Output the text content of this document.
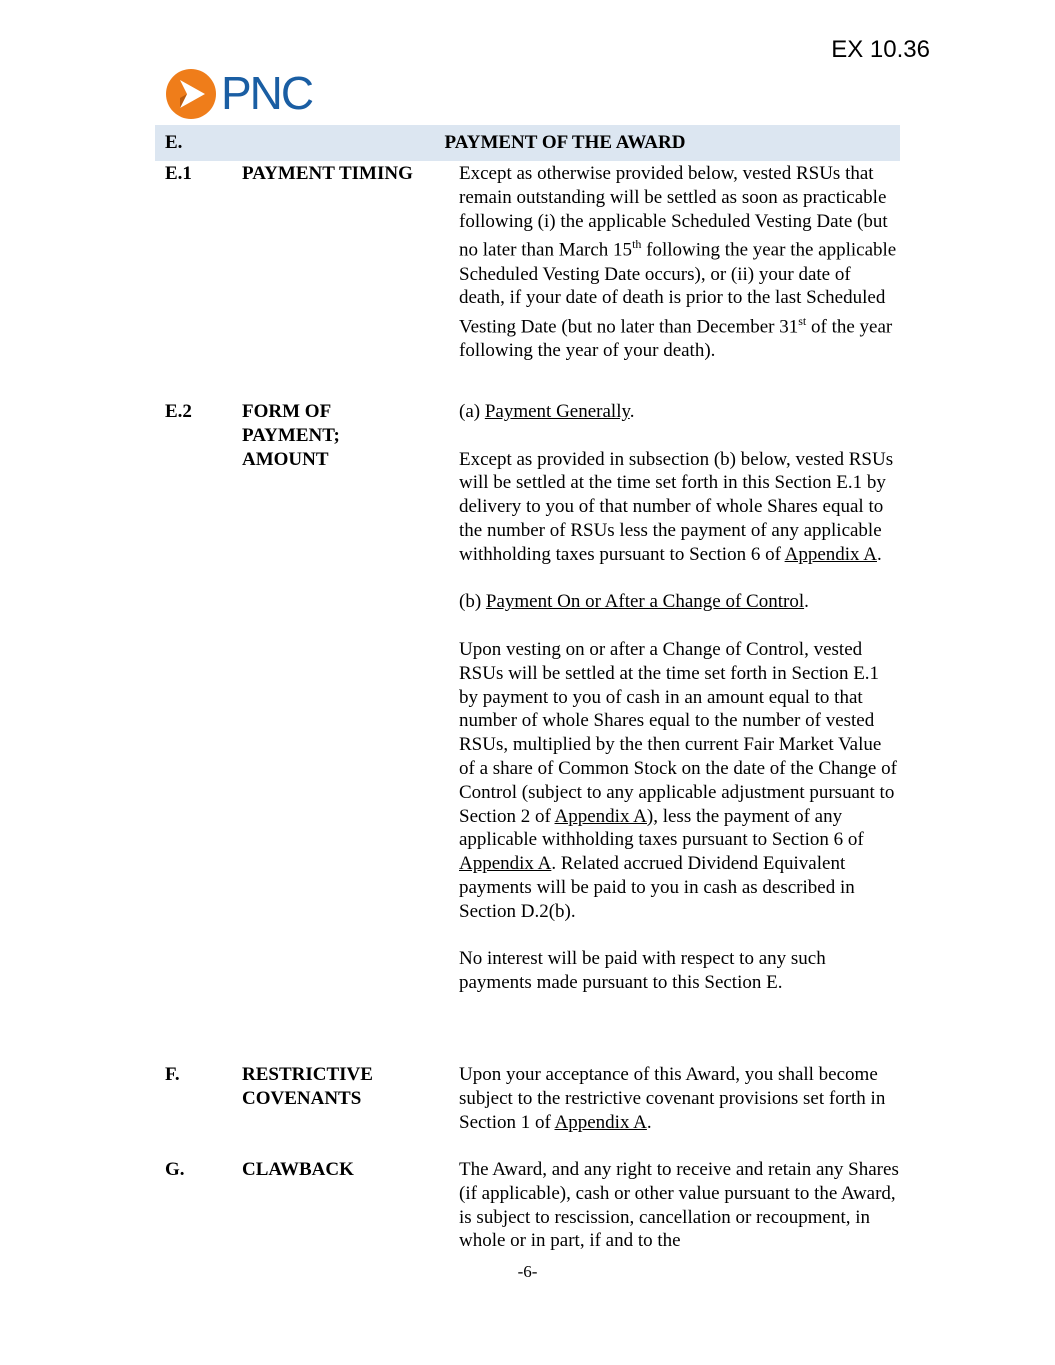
EX 10.36
PNC
E.	PAYMENT OF THE AWARD
E.1	PAYMENT TIMING	Except as otherwise provided below, vested RSUs that remain outstanding will be settled as soon as practicable following (i) the applicable Scheduled Vesting Date (but no later than March 15th following the year the applicable Scheduled Vesting Date occurs), or (ii) your date of death, if your date of death is prior to the last Scheduled Vesting Date (but no later than December 31st of the year following the year of your death).

E.2	FORM OF PAYMENT; AMOUNT

(a) Payment Generally.

Except as provided in subsection (b) below, vested RSUs will be settled at the time set forth in this Section E.1 by delivery to you of that number of whole Shares equal to the number of RSUs less the payment of any applicable withholding taxes pursuant to Section 6 of Appendix A.

(b) Payment On or After a Change of Control.

Upon vesting on or after a Change of Control, vested RSUs will be settled at the time set forth in Section E.1 by payment to you of cash in an amount equal to that number of whole Shares equal to the number of vested RSUs, multiplied by the then current Fair Market Value of a share of Common Stock on the date of the Change of Control (subject to any applicable adjustment pursuant to Section 2 of Appendix A), less the payment of any applicable withholding taxes pursuant to Section 6 of Appendix A. Related accrued Dividend Equivalent payments will be paid to you in cash as described in Section D.2(b).

No interest will be paid with respect to any such payments made pursuant to this Section E.

F.	RESTRICTIVE COVENANTS

Upon your acceptance of this Award, you shall become subject to the restrictive covenant provisions set forth in Section 1 of Appendix A.

G.	CLAWBACK	The Award, and any right to receive and retain any Shares (if applicable), cash or other value pursuant to the Award, is subject to rescission, cancellation or recoupment, in whole or in part, if and to the

-6-
